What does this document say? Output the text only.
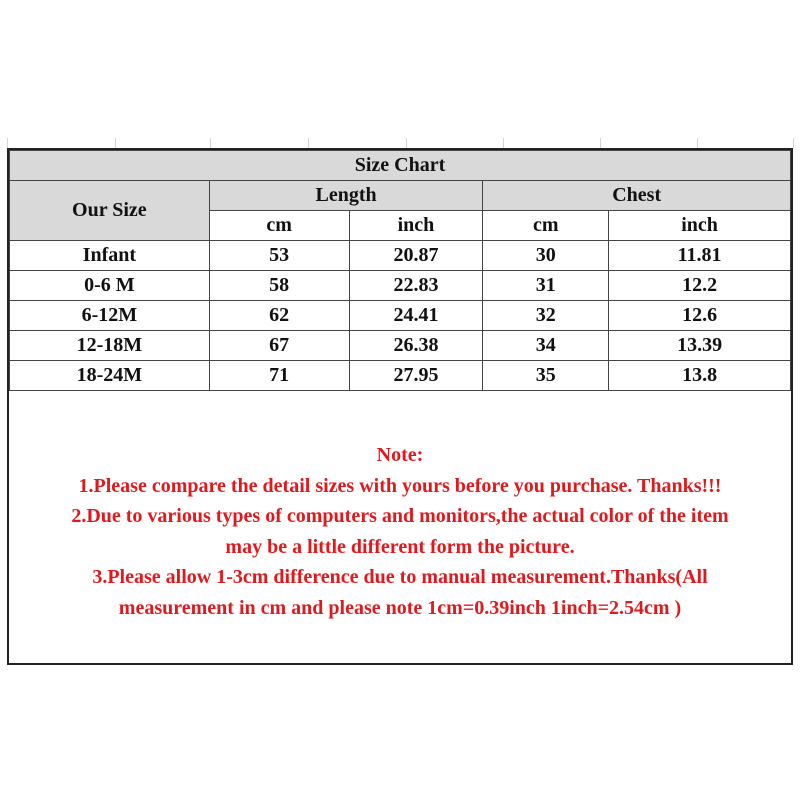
Size Chart				
Our Size	Length		Chest	
	cm	inch	cm	inch
Infant	53	20.87	30	11.81
0-6 M	58	22.83	31	12.2
6-12M	62	24.41	32	12.6
12-18M	67	26.38	34	13.39
18-24M	71	27.95	35	13.8
Note:
1.Please compare the detail sizes with yours before you purchase. Thanks!!!
2.Due to various types of computers and monitors,the actual color of the item
may be a little different form the picture.
3.Please allow 1-3cm difference due to manual measurement.Thanks(All
measurement in cm and please note 1cm=0.39inch 1inch=2.54cm )
